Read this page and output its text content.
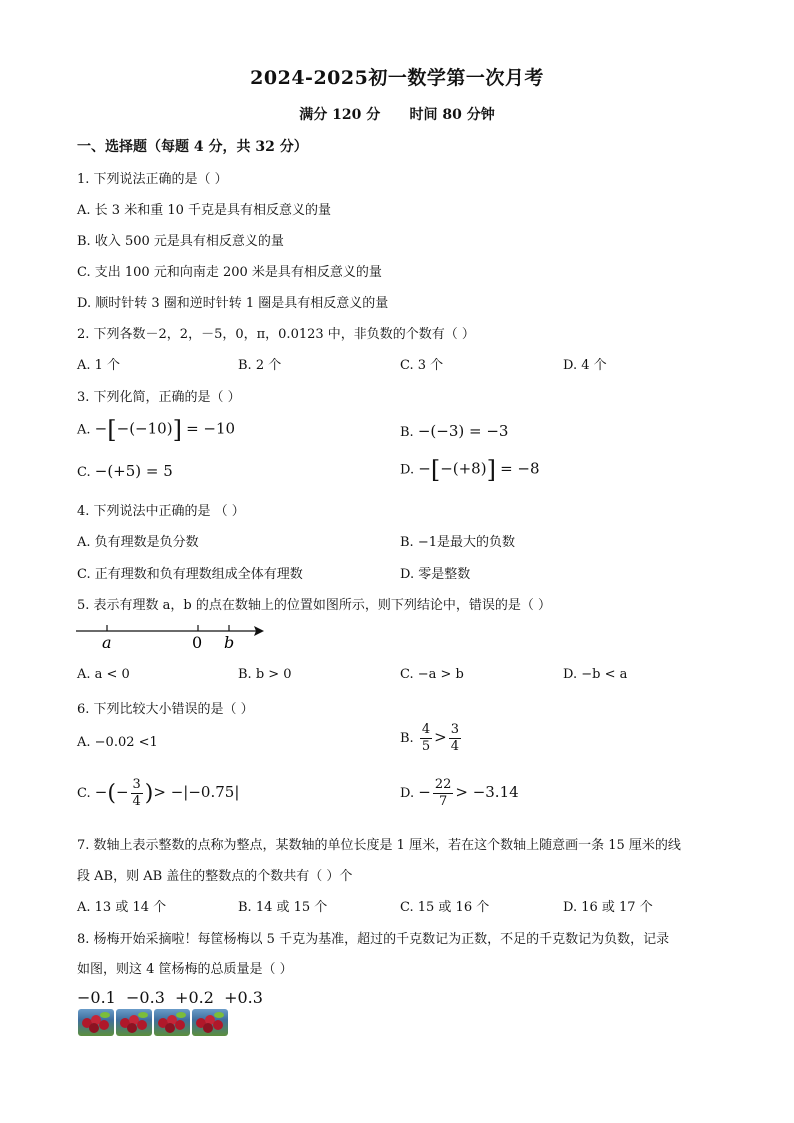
2024-2025初一数学第一次月考
满分 120 分      时间 80 分钟
一、选择题（每题 4 分，共 32 分）
1. 下列说法正确的是（ ）
A. 长 3 米和重 10 千克是具有相反意义的量
B. 收入 500 元是具有相反意义的量
C. 支出 100 元和向南走 200 米是具有相反意义的量
D. 顺时针转 3 圈和逆时针转 1 圈是具有相反意义的量
2. 下列各数－2，2，－5，0，π，0.0123 中，非负数的个数有（ ）
A. 1 个	B. 2 个	C. 3 个	D. 4 个
3. 下列化简，正确的是（ ）
A. −[−(−10)] = −10	B. −(−3) = −3
C. −(+5) = 5	D. −[−(+8)] = −8
4. 下列说法中正确的是 （ ）
A. 负有理数是负分数	B. −1是最大的负数
C. 正有理数和负有理数组成全体有理数	D. 零是整数
5. 表示有理数 a，b 的点在数轴上的位置如图所示，则下列结论中，错误的是（ ）
a	0 b
A. a < 0	B. b > 0	C. −a > b	D. −b < a
6. 下列比较大小错误的是（ ）
A. −0.02 <1	B. $\frac{4}{5} > \frac{3}{4}$
C. −(− $\frac{3}{4}$ )> −|−0.75|	D. − $\frac{22}{7} > -3.14$
7. 数轴上表示整数的点称为整点，某数轴的单位长度是 1 厘米，若在这个数轴上随意画一条 15 厘米的线
段 AB，则 AB 盖住的整数点的个数共有（ ）个
A. 13 或 14 个	B. 14 或 15 个	C. 15 或 16 个	D. 16 或 17 个
8. 杨梅开始采摘啦！每筐杨梅以 5 千克为基准，超过的千克数记为正数，不足的千克数记为负数，记录
如图，则这 4 筐杨梅的总质量是（ ）
−0.1  −0.3  +0.2  +0.3
